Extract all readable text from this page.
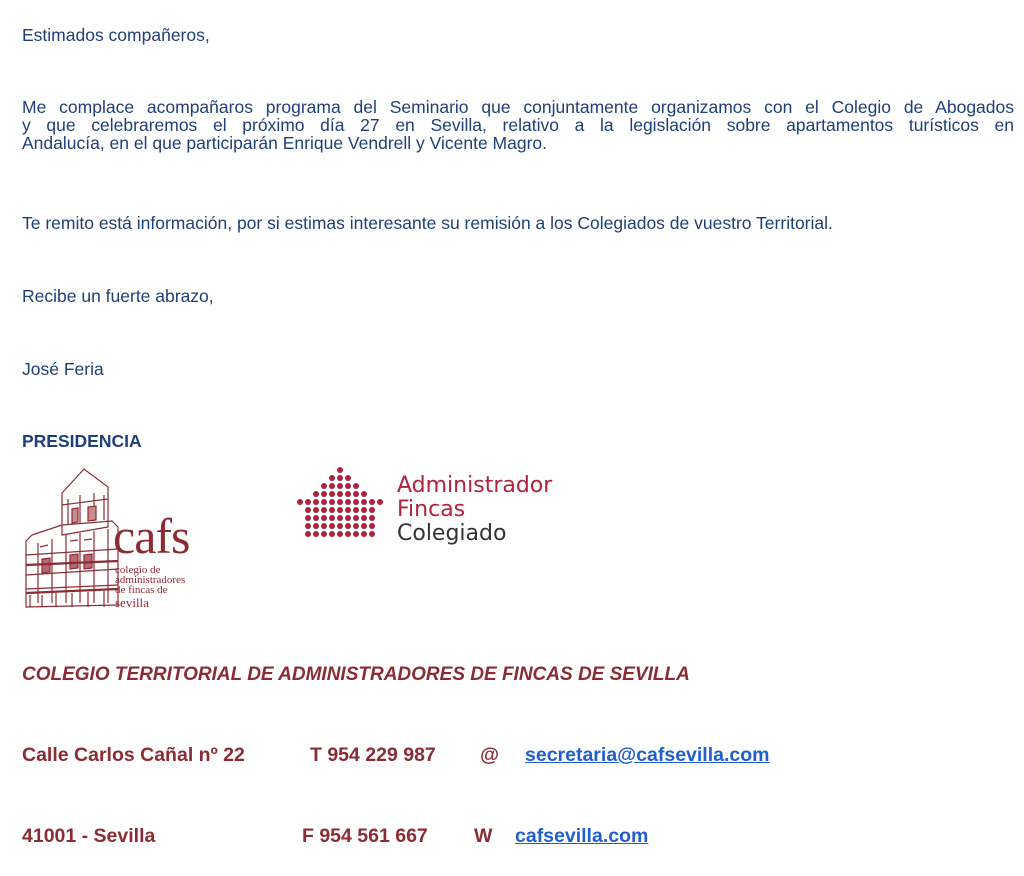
Estimados compañeros,

Me complace acompañaros programa del Seminario que conjuntamente organizamos con el Colegio de Abogados
y que celebraremos el próximo día 27 en Sevilla, relativo a la legislación sobre apartamentos turísticos en
Andalucía, en el que participarán Enrique Vendrell y Vicente Magro.

Te remito está información, por si estimas interesante su remisión a los Colegiados de vuestro Territorial.

Recibe un fuerte abrazo,

José Feria

PRESIDENCIA
cafs
colegio de
administradores
de fincas de
sevilla
Administrador
Fincas
Colegiado
COLEGIO TERRITORIAL DE ADMINISTRADORES DE FINCAS DE SEVILLA
Calle Carlos Cañal nº 22	T 954 229 987 @ secretaria@cafsevilla.com
41001 - Sevilla	F 954 561 667 W cafsevilla.com
